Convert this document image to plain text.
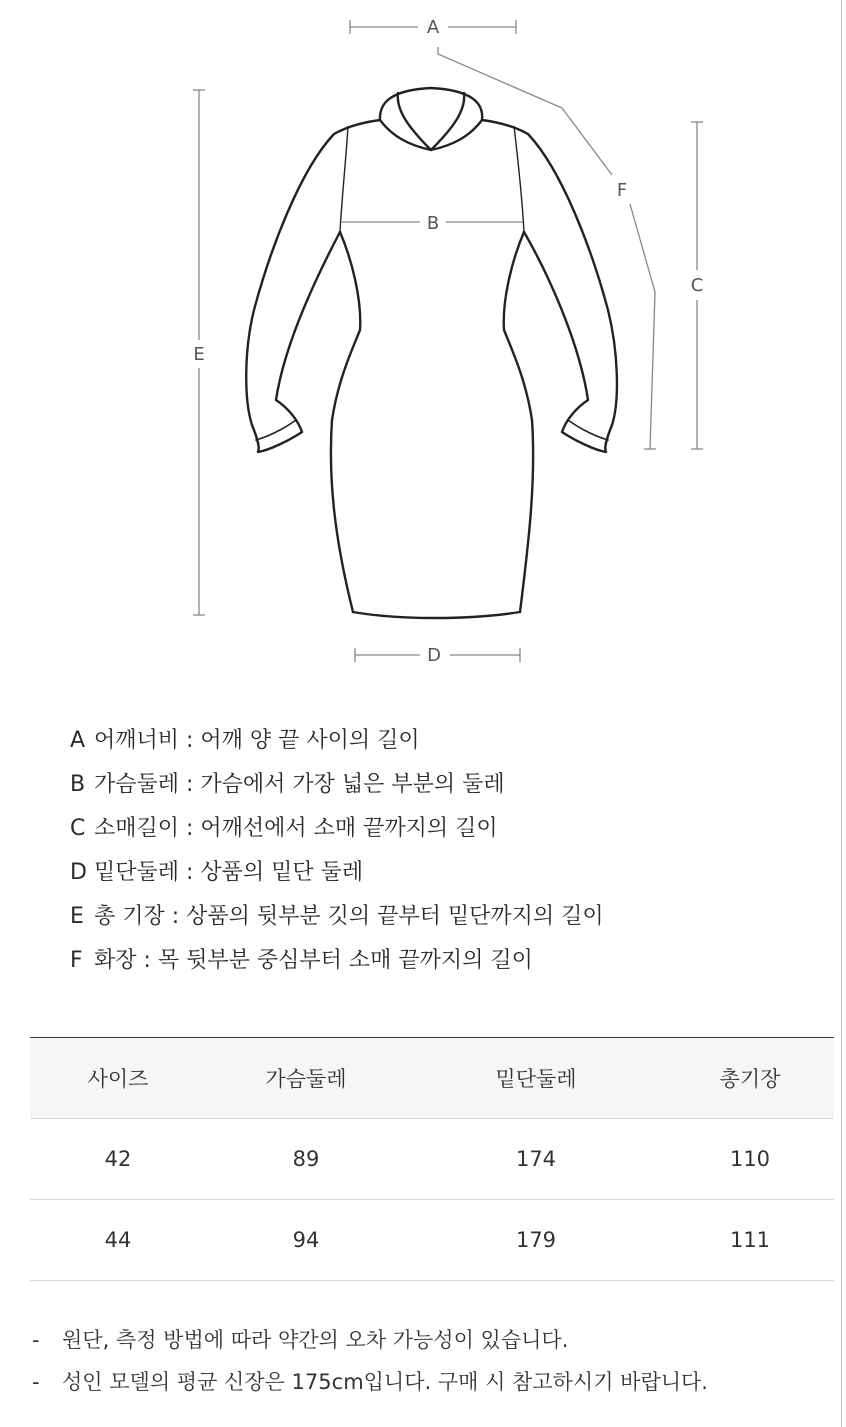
A
B
C
D
E
F
A 어깨너비 : 어깨 양 끝 사이의 길이
B 가슴둘레 : 가슴에서 가장 넓은 부분의 둘레
C 소매길이 : 어깨선에서 소매 끝까지의 길이
D 밑단둘레 : 상품의 밑단 둘레
E 총 기장 : 상품의 뒷부분 깃의 끝부터 밑단까지의 길이
F 화장 : 목 뒷부분 중심부터 소매 끝까지의 길이
사이즈	가슴둘레	밑단둘레	총기장
42	89	174	110
44	94	179	111
- 원단, 측정 방법에 따라 약간의 오차 가능성이 있습니다.
- 성인 모델의 평균 신장은 175cm입니다. 구매 시 참고하시기 바랍니다.
